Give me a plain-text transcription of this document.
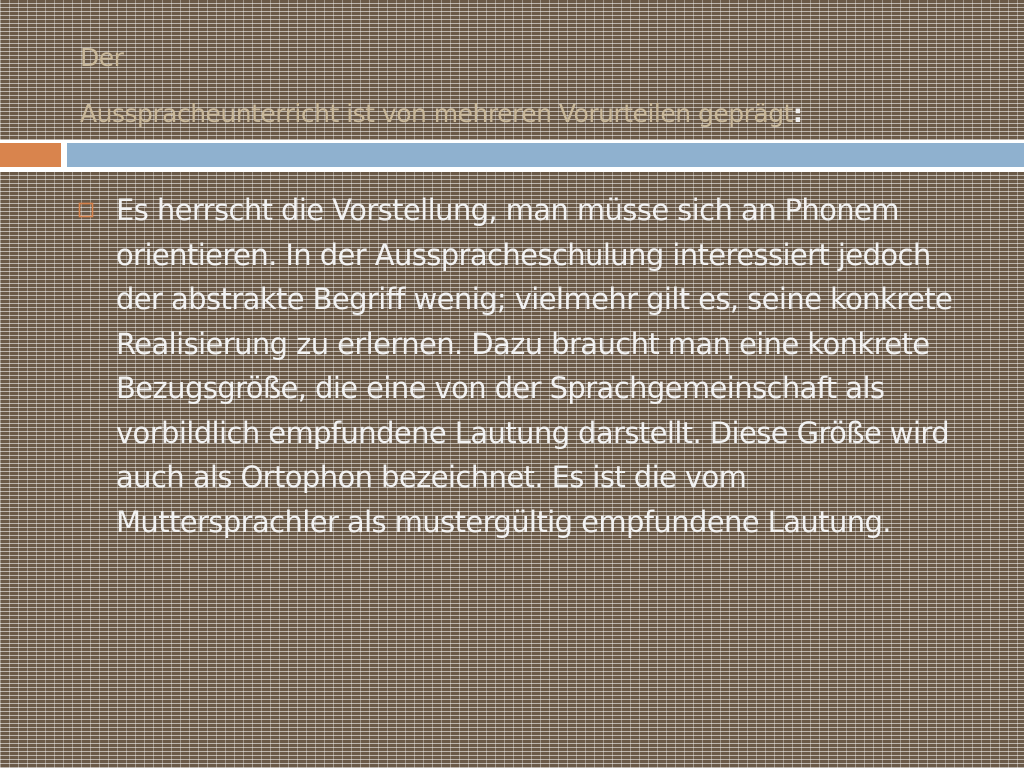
Der
Ausspracheunterricht ist von mehreren Vorurteilen geprägt:
Es herrscht die Vorstellung, man müsse sich an Phonem orientieren. In der Ausspracheschulung interessiert jedoch der abstrakte Begriff wenig; vielmehr gilt es, seine konkrete Realisierung zu erlernen. Dazu braucht man eine konkrete Bezugsgröße, die eine von der Sprachgemeinschaft als vorbildlich empfundene Lautung darstellt. Diese Größe wird auch als Ortophon bezeichnet. Es ist die vom Muttersprachler als mustergültig empfundene Lautung.
